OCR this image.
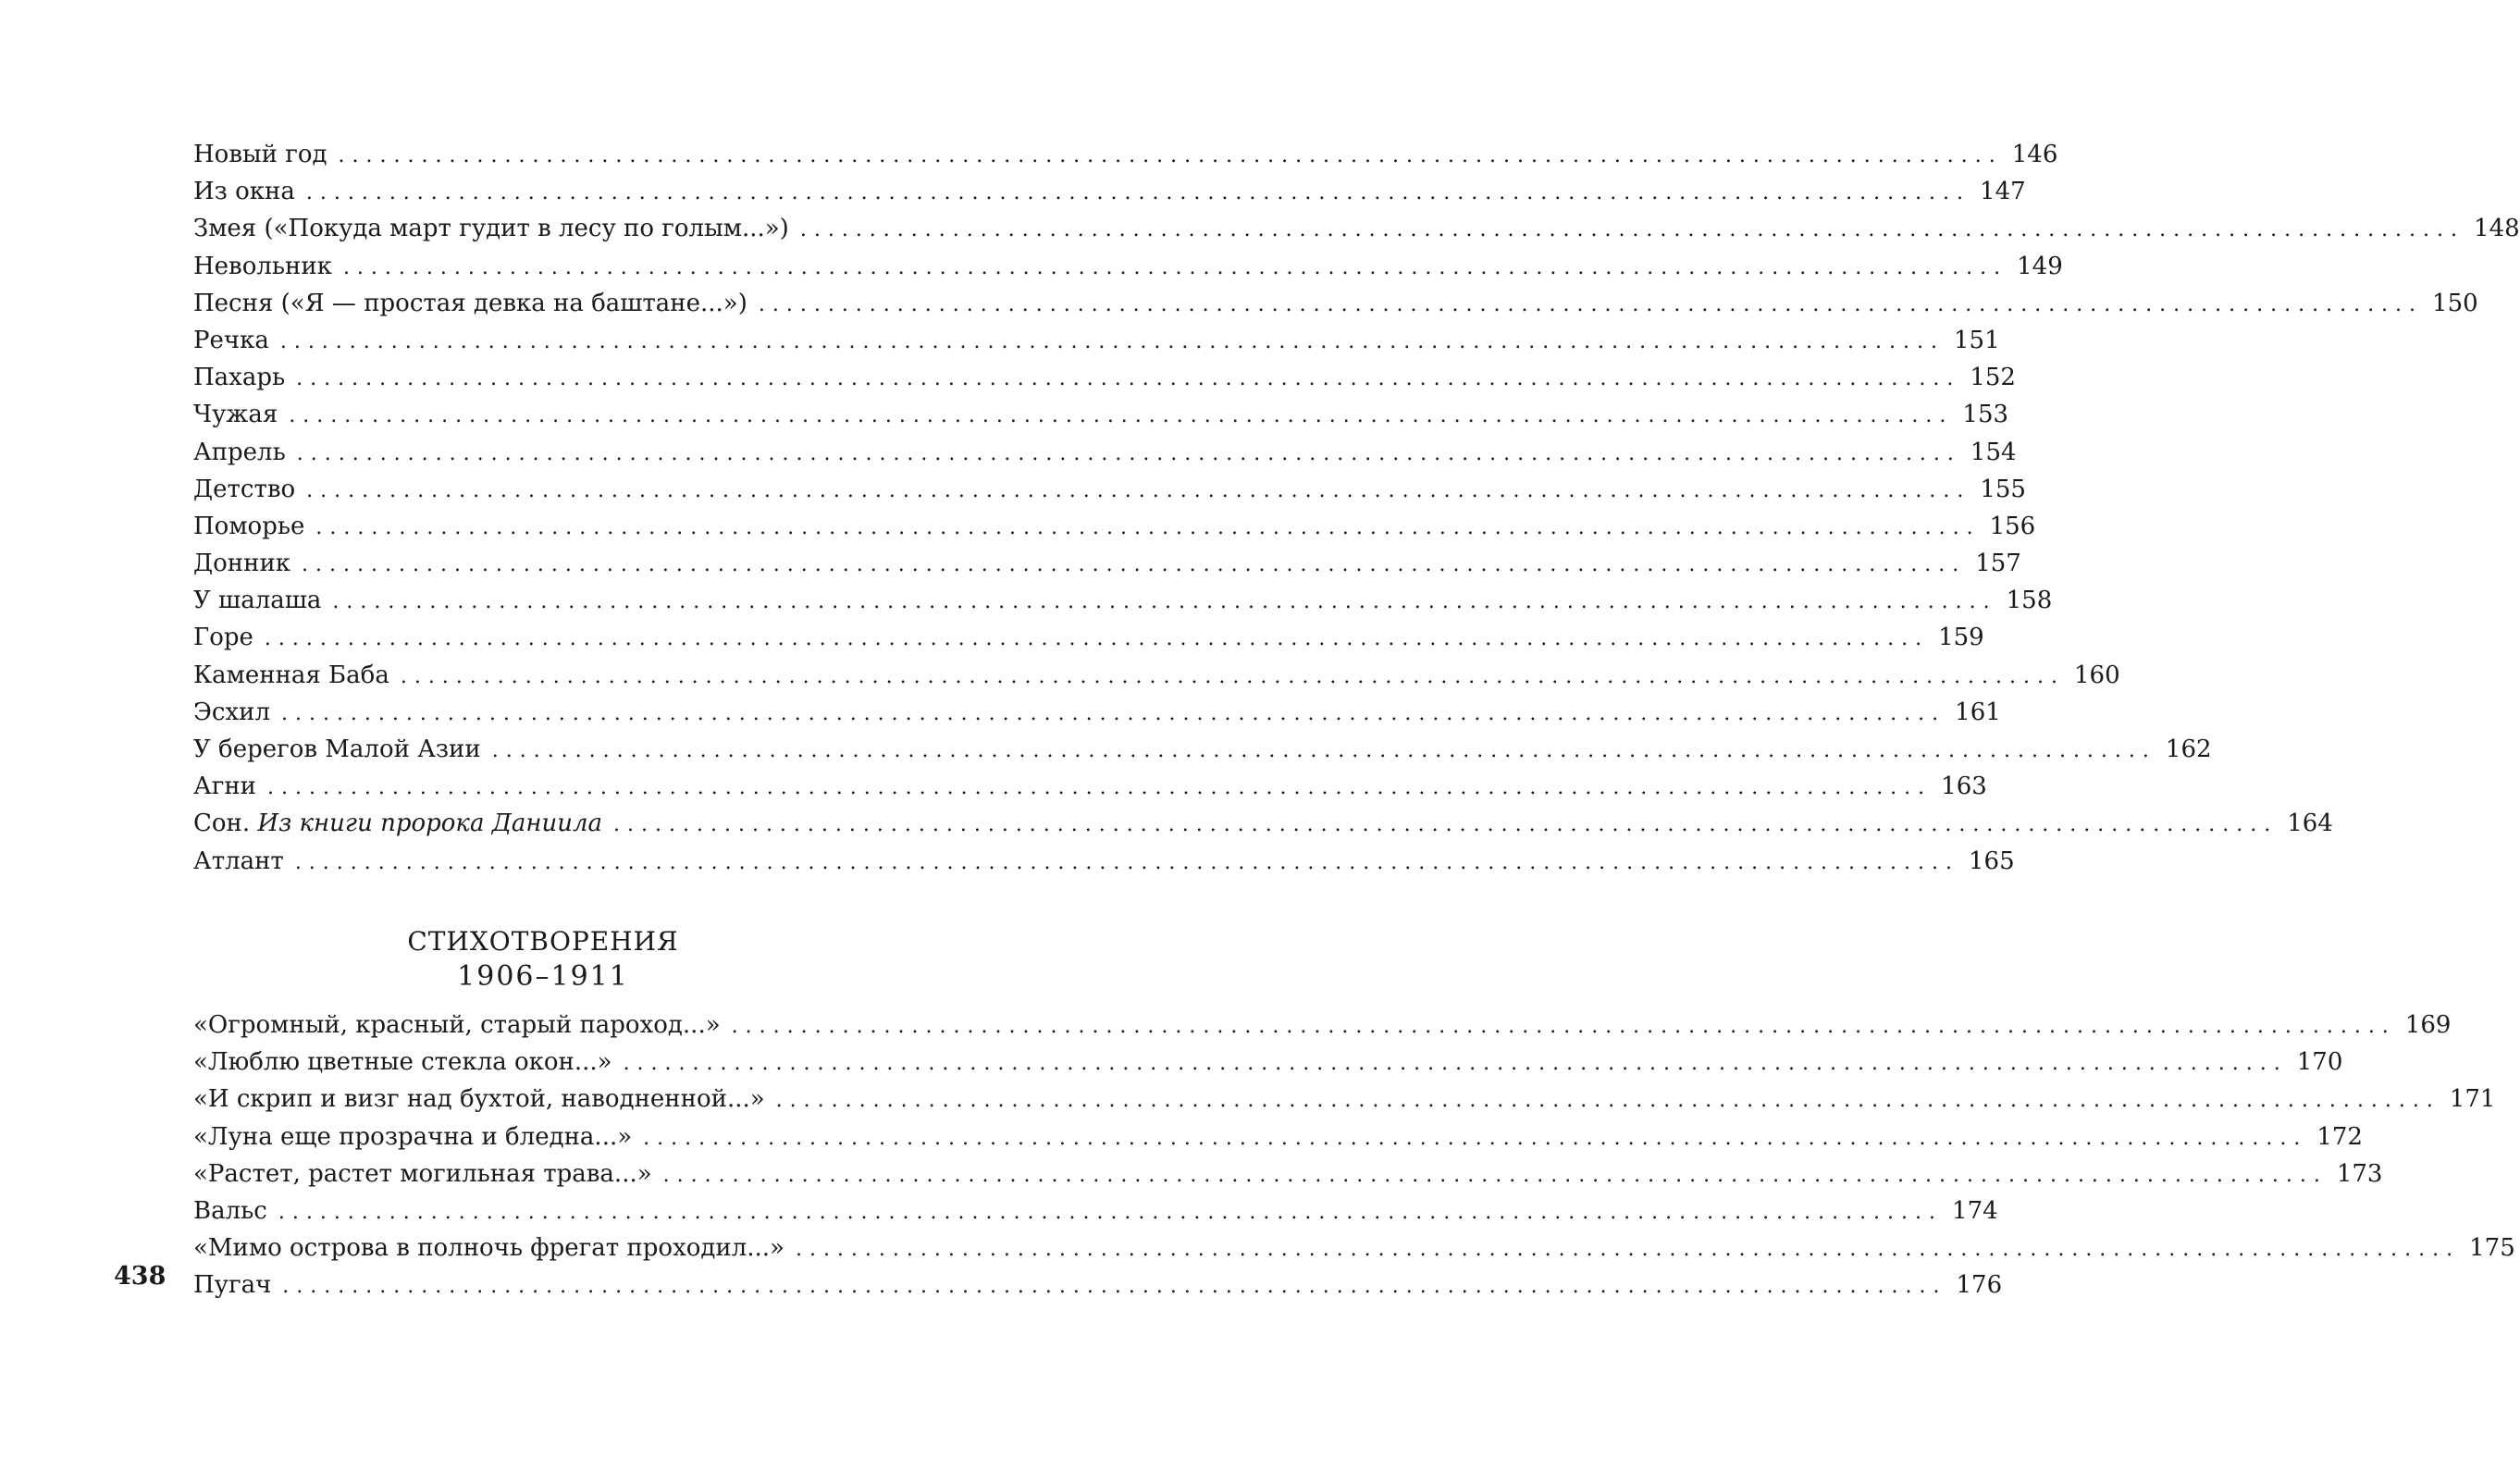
Новый год ........................................................................................................................ 146
Из окна ........................................................................................................................ 147
Змея («Покуда март гудит в лесу по голым...») ........................................................................................................................ 148
Невольник ........................................................................................................................ 149
Песня («Я — простая девка на баштане...») ........................................................................................................................ 150
Речка ........................................................................................................................ 151
Пахарь ........................................................................................................................ 152
Чужая ........................................................................................................................ 153
Апрель ........................................................................................................................ 154
Детство ........................................................................................................................ 155
Поморье ........................................................................................................................ 156
Донник ........................................................................................................................ 157
У шалаша ........................................................................................................................ 158
Горе ........................................................................................................................ 159
Каменная Баба ........................................................................................................................ 160
Эсхил ........................................................................................................................ 161
У берегов Малой Азии ........................................................................................................................ 162
Агни ........................................................................................................................ 163
Сон. Из книги пророка Даниила ........................................................................................................................ 164
Атлант ........................................................................................................................ 165
СТИХОТВОРЕНИЯ
1906–1911
«Огромный, красный, старый пароход...» ........................................................................................................................ 169
«Люблю цветные стекла окон...» ........................................................................................................................ 170
«И скрип и визг над бухтой, наводненной...» ........................................................................................................................ 171
«Луна еще прозрачна и бледна...» ........................................................................................................................ 172
«Растет, растет могильная трава...» ........................................................................................................................ 173
Вальс ........................................................................................................................ 174
«Мимо острова в полночь фрегат проходил...» ........................................................................................................................ 175
Пугач ........................................................................................................................ 176
438
